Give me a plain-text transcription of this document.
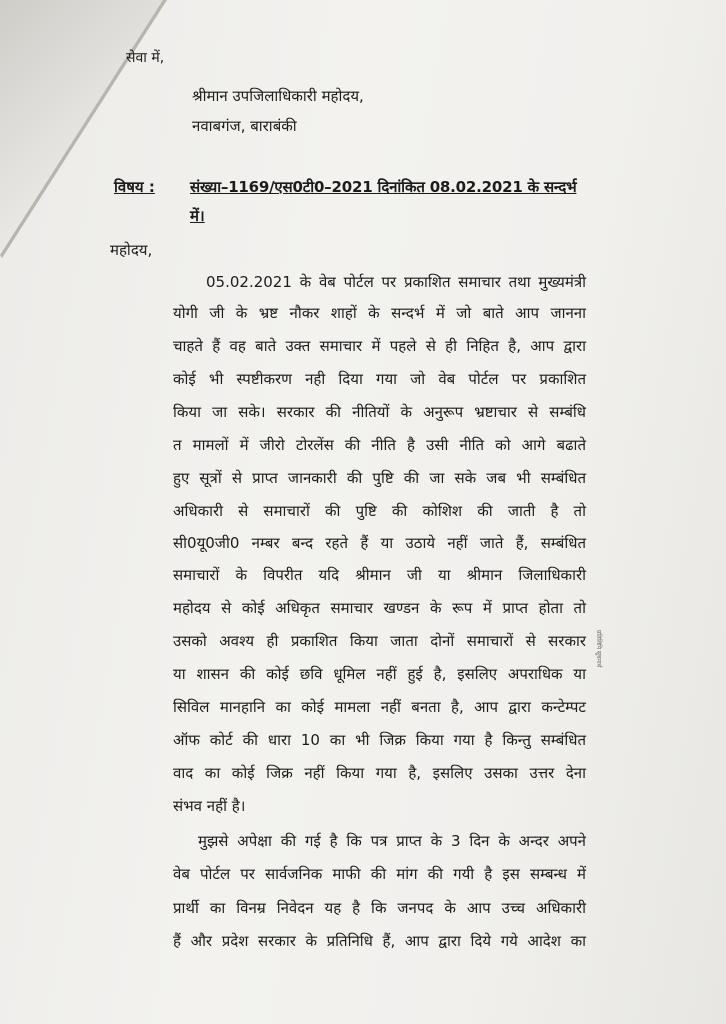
सेवा में,
श्रीमान उपजिलाधिकारी महोदय,
नवाबगंज, बाराबंकी
विषय : संख्या–1169/एस0टी0–2021 दिनांकित 08.02.2021 के सन्दर्भ
में।
महोदय,
05.02.2021 के वेब पोर्टल पर प्रकाशित समाचार तथा मुख्यमंत्री
योगी जी के भ्रष्ट नौकर शाहों के सन्दर्भ में जो बाते आप जानना
चाहते हैं वह बाते उक्त समाचार में पहले से ही निहित है, आप द्वारा
कोई भी स्पष्टीकरण नही दिया गया जो वेब पोर्टल पर प्रकाशित
किया जा सके। सरकार की नीतियों के अनुरूप भ्रष्टाचार से सम्बंधि
त मामलों में जीरो टोरलेंस की नीति है उसी नीति को आगे बढाते
हुए सूत्रों से प्राप्त जानकारी की पुष्टि की जा सके जब भी सम्बंधित
अधिकारी से समाचारों की पुष्टि की कोशिश की जाती है तो
सी0यू0जी0 नम्बर बन्द रहते हैं या उठाये नहीं जाते हैं, सम्बंधित
समाचारों के विपरीत यदि श्रीमान जी या श्रीमान जिलाधिकारी
महोदय से कोई अधिकृत समाचार खण्डन के रूप में प्राप्त होता तो
उसको अवश्य ही प्रकाशित किया जाता दोनों समाचारों से सरकार
या शासन की कोई छवि धूमिल नहीं हुई है, इसलिए अपराधिक या
सिविल मानहानि का कोई मामला नहीं बनता है, आप द्वारा कन्टेम्पट
ऑफ कोर्ट की धारा 10 का भी जिक्र किया गया है किन्तु सम्बंधित
वाद का कोई जिक्र नहीं किया गया है, इसलिए उसका उत्तर देना
संभव नहीं है।
मुझसे अपेक्षा की गई है कि पत्र प्राप्त के 3 दिन के अन्दर अपने
वेब पोर्टल पर सार्वजनिक माफी की मांग की गयी है इस सम्बन्ध में
प्रार्थी का विनम्र निवेदन यह है कि जनपद के आप उच्च अधिकारी
हैं और प्रदेश सरकार के प्रतिनिधि हैं, आप द्वारा दिये गये आदेश का
प्रतिलिपि सूचनार्थ
